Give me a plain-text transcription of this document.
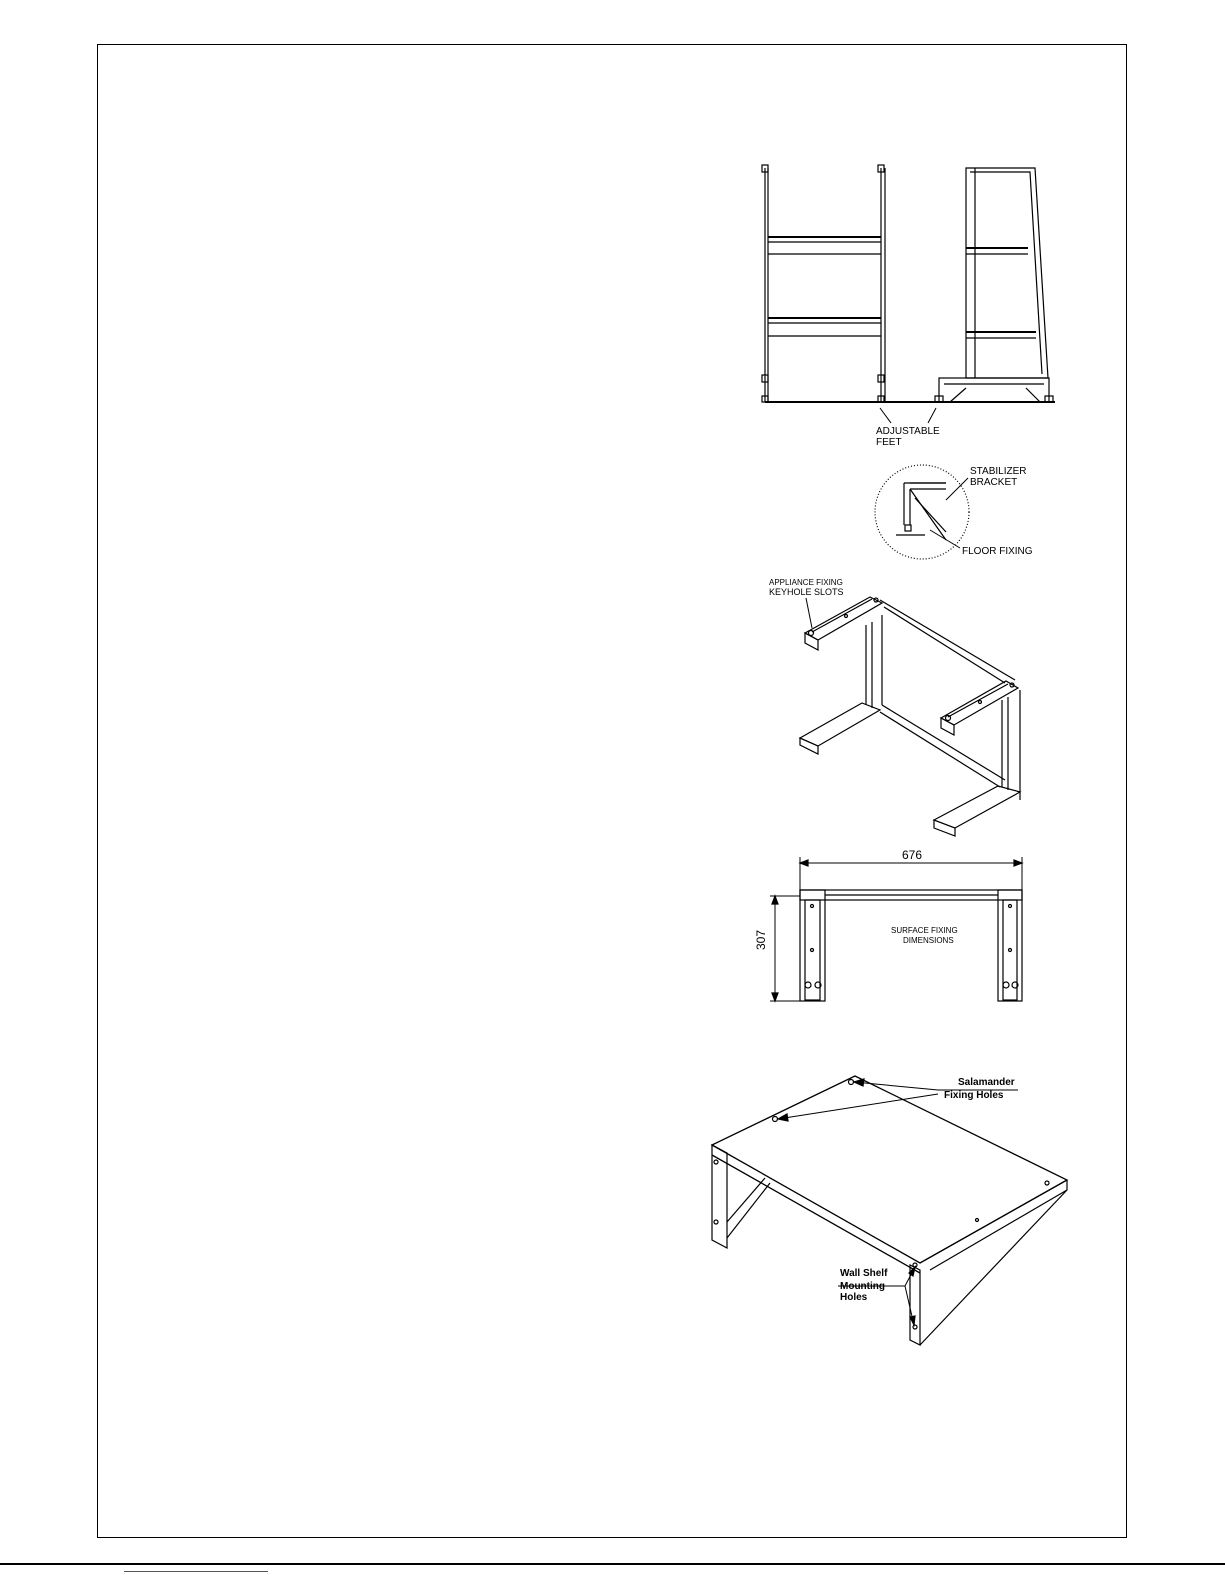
ADJUSTABLE
FEET
STABILIZER
BRACKET
FLOOR FIXING
APPLIANCE FIXING
KEYHOLE SLOTS
676
307	SURFACE FIXING
DIMENSIONS
Salamander
Fixing Holes
Wall Shelf
Mounting
Holes
